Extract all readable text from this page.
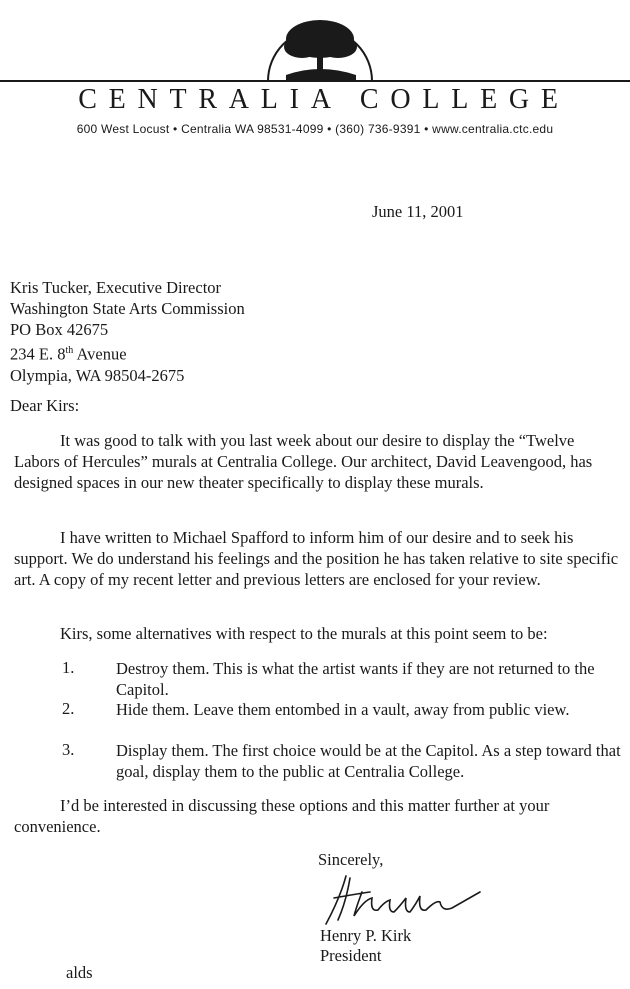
CENTRALIA COLLEGE
600 West Locust • Centralia WA 98531-4099 • (360) 736-9391 • www.centralia.ctc.edu
June 11, 2001
Kris Tucker, Executive Director
Washington State Arts Commission
PO Box 42675
234 E. 8th Avenue
Olympia, WA 98504-2675
Dear Kirs:
It was good to talk with you last week about our desire to display the “Twelve Labors of Hercules” murals at Centralia College. Our architect, David Leavengood, has designed spaces in our new theater specifically to display these murals.
I have written to Michael Spafford to inform him of our desire and to seek his support. We do understand his feelings and the position he has taken relative to site specific art. A copy of my recent letter and previous letters are enclosed for your review.
Kirs, some alternatives with respect to the murals at this point seem to be:
1.	Destroy them. This is what the artist wants if they are not returned to the Capitol.
2.	Hide them. Leave them entombed in a vault, away from public view.
3.	Display them. The first choice would be at the Capitol. As a step toward that goal, display them to the public at Centralia College.
I’d be interested in discussing these options and this matter further at your convenience.
Sincerely,
Henry P. Kirk
President
alds
